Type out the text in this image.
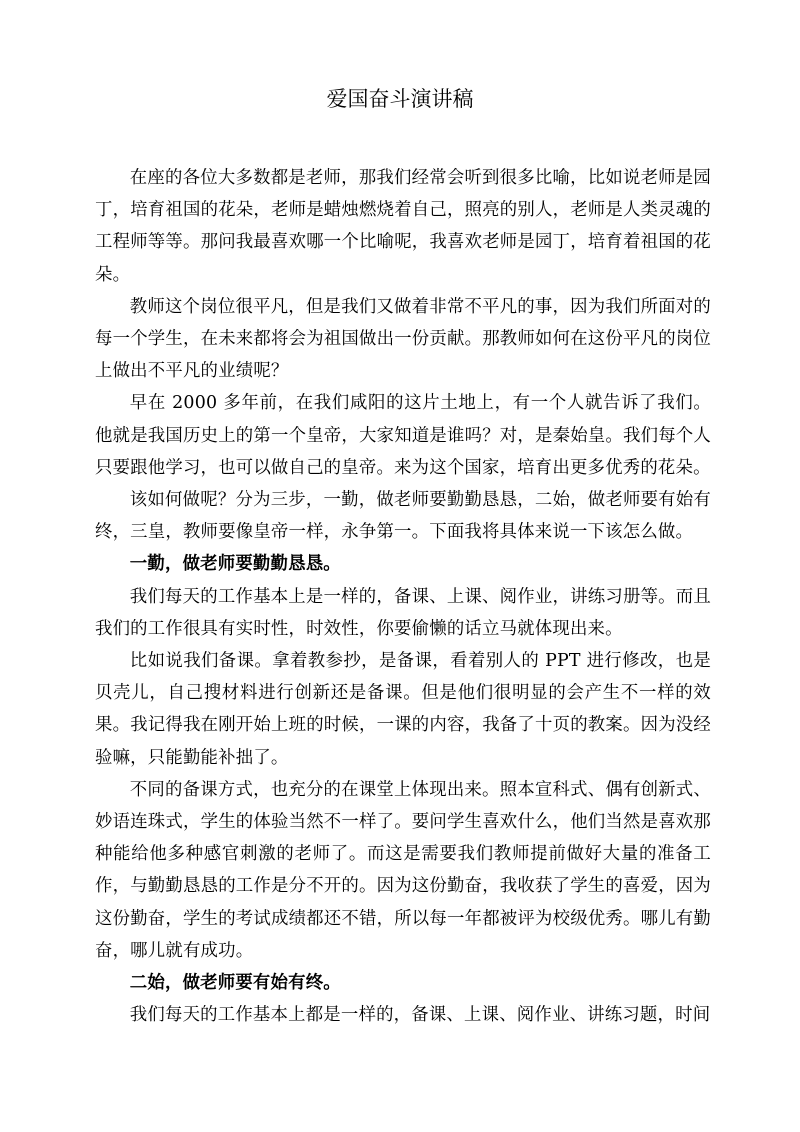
爱国奋斗演讲稿

在座的各位大多数都是老师，那我们经常会听到很多比喻，比如说老师是园丁，培育祖国的花朵，老师是蜡烛燃烧着自己，照亮的别人，老师是人类灵魂的工程师等等。那问我最喜欢哪一个比喻呢，我喜欢老师是园丁，培育着祖国的花朵。

教师这个岗位很平凡，但是我们又做着非常不平凡的事，因为我们所面对的每一个学生，在未来都将会为祖国做出一份贡献。那教师如何在这份平凡的岗位上做出不平凡的业绩呢？

早在 2000 多年前，在我们咸阳的这片土地上，有一个人就告诉了我们。他就是我国历史上的第一个皇帝，大家知道是谁吗？对，是秦始皇。我们每个人只要跟他学习，也可以做自己的皇帝。来为这个国家，培育出更多优秀的花朵。

该如何做呢？分为三步，一勤，做老师要勤勤恳恳，二始，做老师要有始有终，三皇，教师要像皇帝一样，永争第一。下面我将具体来说一下该怎么做。

一勤，做老师要勤勤恳恳。

我们每天的工作基本上是一样的，备课、上课、阅作业，讲练习册等。而且我们的工作很具有实时性，时效性，你要偷懒的话立马就体现出来。

比如说我们备课。拿着教参抄，是备课，看着别人的 PPT 进行修改，也是贝壳儿，自己搜材料进行创新还是备课。但是他们很明显的会产生不一样的效果。我记得我在刚开始上班的时候，一课的内容，我备了十页的教案。因为没经验嘛，只能勤能补拙了。

不同的备课方式，也充分的在课堂上体现出来。照本宣科式、偶有创新式、妙语连珠式，学生的体验当然不一样了。要问学生喜欢什么，他们当然是喜欢那种能给他多种感官刺激的老师了。而这是需要我们教师提前做好大量的准备工作，与勤勤恳恳的工作是分不开的。因为这份勤奋，我收获了学生的喜爱，因为这份勤奋，学生的考试成绩都还不错，所以每一年都被评为校级优秀。哪儿有勤奋，哪儿就有成功。

二始，做老师要有始有终。

我们每天的工作基本上都是一样的，备课、上课、阅作业、讲练习题，时间
